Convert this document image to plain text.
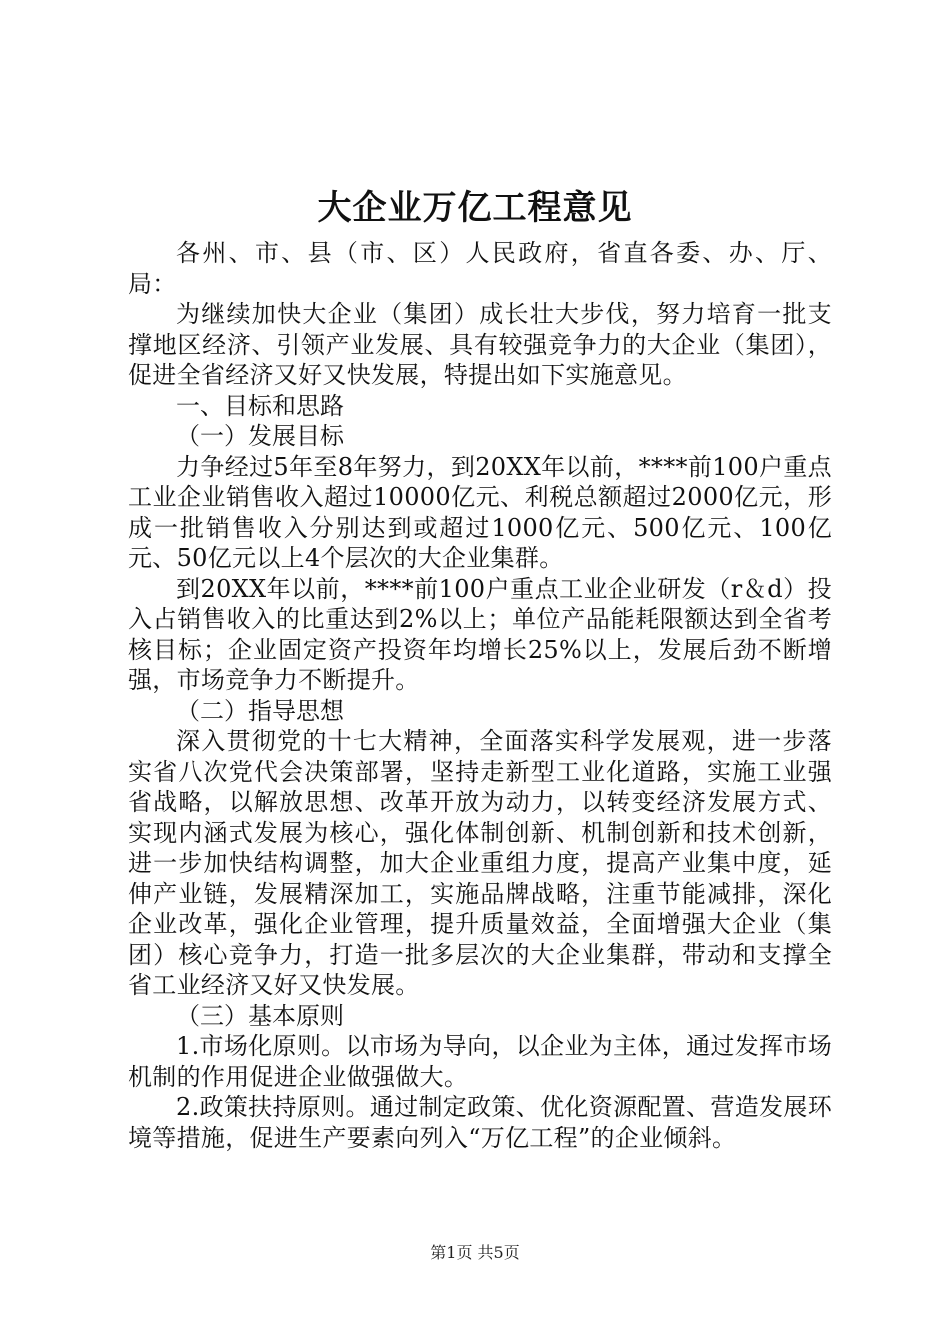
大企业万亿工程意见

各州、市、县（市、区）人民政府，省直各委、办、厅、局：

为继续加快大企业（集团）成长壮大步伐，努力培育一批支撑地区经济、引领产业发展、具有较强竞争力的大企业（集团），促进全省经济又好又快发展，特提出如下实施意见。

一、目标和思路

（一）发展目标

力争经过5年至8年努力，到20XX年以前，****前100户重点工业企业销售收入超过10000亿元、利税总额超过2000亿元，形成一批销售收入分别达到或超过1000亿元、500亿元、100亿元、50亿元以上4个层次的大企业集群。

到20XX年以前，****前100户重点工业企业研发（r＆d）投入占销售收入的比重达到2%以上；单位产品能耗限额达到全省考核目标；企业固定资产投资年均增长25%以上，发展后劲不断增强，市场竞争力不断提升。

（二）指导思想

深入贯彻党的十七大精神，全面落实科学发展观，进一步落实省八次党代会决策部署，坚持走新型工业化道路，实施工业强省战略，以解放思想、改革开放为动力，以转变经济发展方式、实现内涵式发展为核心，强化体制创新、机制创新和技术创新，进一步加快结构调整，加大企业重组力度，提高产业集中度，延伸产业链，发展精深加工，实施品牌战略，注重节能减排，深化企业改革，强化企业管理，提升质量效益，全面增强大企业（集团）核心竞争力，打造一批多层次的大企业集群，带动和支撑全省工业经济又好又快发展。

（三）基本原则

1.市场化原则。以市场为导向，以企业为主体，通过发挥市场机制的作用促进企业做强做大。

2.政策扶持原则。通过制定政策、优化资源配置、营造发展环境等措施，促进生产要素向列入“万亿工程”的企业倾斜。

第1页 共5页
